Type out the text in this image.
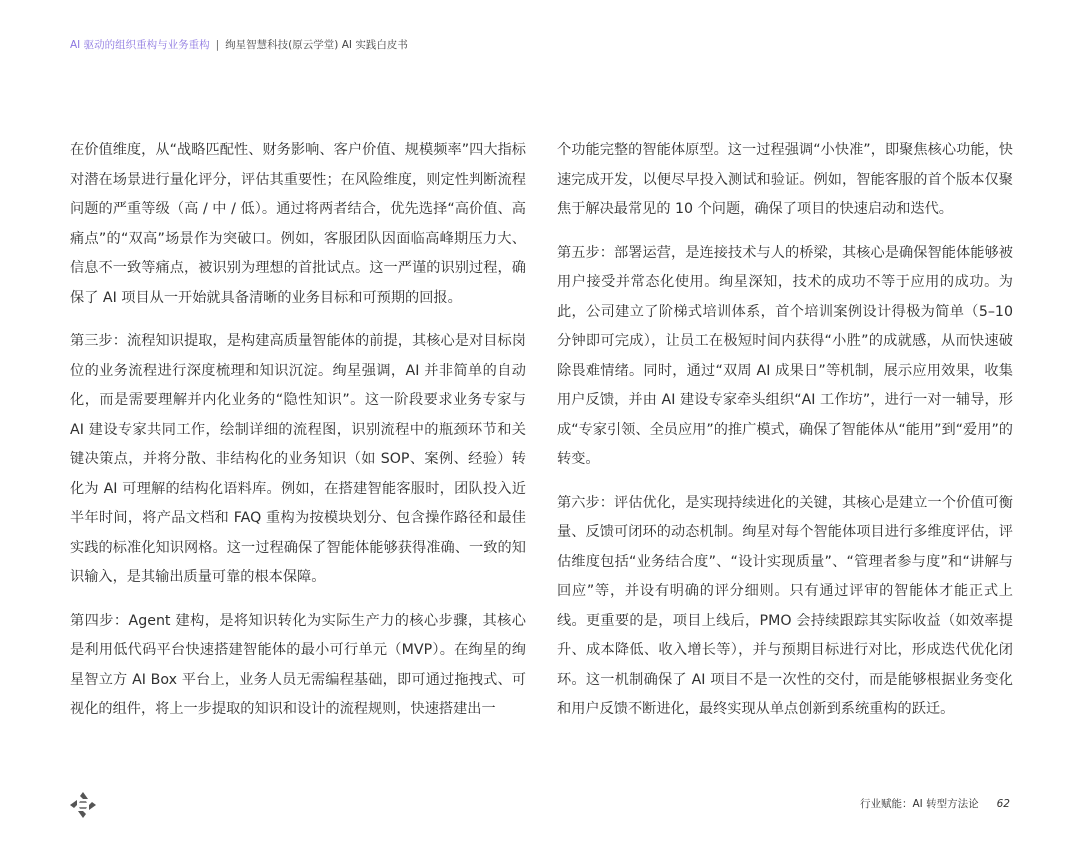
AI 驱动的组织重构与业务重构 | 绚星智慧科技(原云学堂) AI 实践白皮书

在价值维度，从“战略匹配性、财务影响、客户价值、规模频率”四大指标对潜在场景进行量化评分，评估其重要性；在风险维度，则定性判断流程问题的严重等级（高 / 中 / 低）。通过将两者结合，优先选择“高价值、高痛点”的“双高”场景作为突破口。例如，客服团队因面临高峰期压力大、信息不一致等痛点，被识别为理想的首批试点。这一严谨的识别过程，确保了 AI 项目从一开始就具备清晰的业务目标和可预期的回报。

第三步：流程知识提取，是构建高质量智能体的前提，其核心是对目标岗位的业务流程进行深度梳理和知识沉淀。绚星强调，AI 并非简单的自动化，而是需要理解并内化业务的“隐性知识”。这一阶段要求业务专家与 AI 建设专家共同工作，绘制详细的流程图，识别流程中的瓶颈环节和关键决策点，并将分散、非结构化的业务知识（如 SOP、案例、经验）转化为 AI 可理解的结构化语料库。例如，在搭建智能客服时，团队投入近半年时间，将产品文档和 FAQ 重构为按模块划分、包含操作路径和最佳实践的标准化知识网格。这一过程确保了智能体能够获得准确、一致的知识输入，是其输出质量可靠的根本保障。

第四步：Agent 建构，是将知识转化为实际生产力的核心步骤，其核心是利用低代码平台快速搭建智能体的最小可行单元（MVP）。在绚星的绚星智立方 AI Box 平台上，业务人员无需编程基础，即可通过拖拽式、可视化的组件，将上一步提取的知识和设计的流程规则，快速搭建出一

个功能完整的智能体原型。这一过程强调“小快准”，即聚焦核心功能，快速完成开发，以便尽早投入测试和验证。例如，智能客服的首个版本仅聚焦于解决最常见的 10 个问题，确保了项目的快速启动和迭代。

第五步：部署运营，是连接技术与人的桥梁，其核心是确保智能体能够被用户接受并常态化使用。绚星深知，技术的成功不等于应用的成功。为此，公司建立了阶梯式培训体系，首个培训案例设计得极为简单（5–10 分钟即可完成），让员工在极短时间内获得“小胜”的成就感，从而快速破除畏难情绪。同时，通过“双周 AI 成果日”等机制，展示应用效果，收集用户反馈，并由 AI 建设专家牵头组织“AI 工作坊”，进行一对一辅导，形成“专家引领、全员应用”的推广模式，确保了智能体从“能用”到“爱用”的转变。

第六步：评估优化，是实现持续进化的关键，其核心是建立一个价值可衡量、反馈可闭环的动态机制。绚星对每个智能体项目进行多维度评估，评估维度包括“业务结合度”、“设计实现质量”、“管理者参与度”和“讲解与回应”等，并设有明确的评分细则。只有通过评审的智能体才能正式上线。更重要的是，项目上线后，PMO 会持续跟踪其实际收益（如效率提升、成本降低、收入增长等），并与预期目标进行对比，形成迭代优化闭环。这一机制确保了 AI 项目不是一次性的交付，而是能够根据业务变化和用户反馈不断进化，最终实现从单点创新到系统重构的跃迁。

行业赋能：AI 转型方法论 62
